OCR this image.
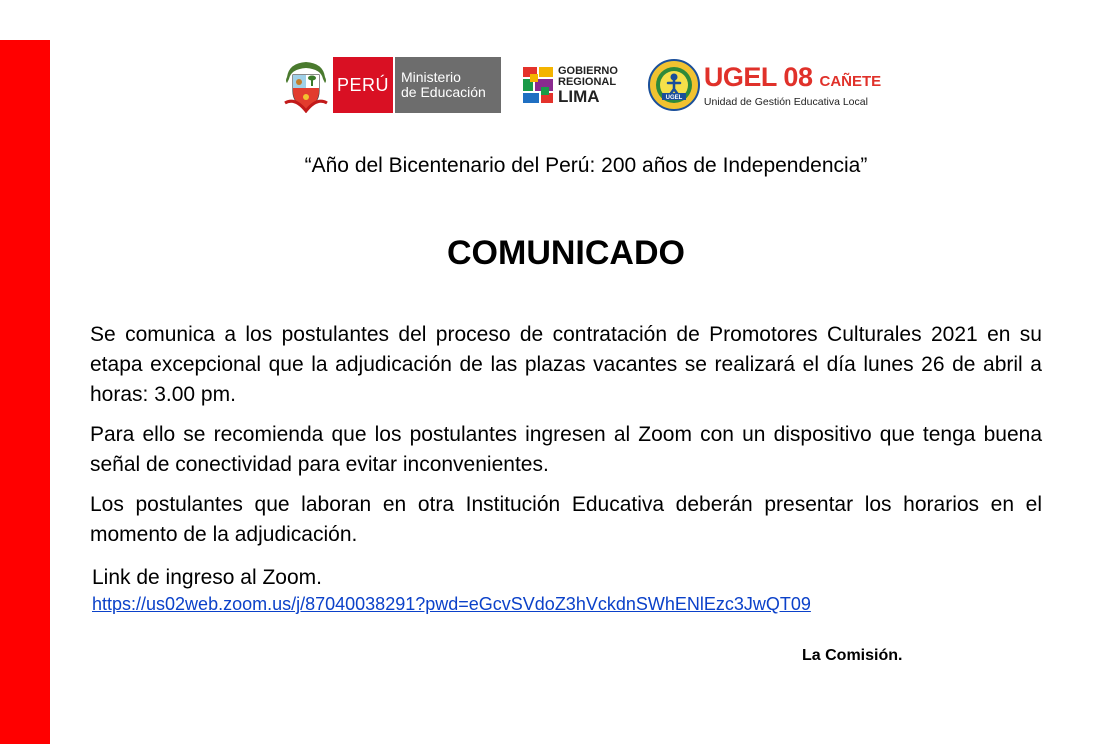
PERÚ Ministerio
de Educación
GOBIERNO
REGIONAL
LIMA	UGEL
UGEL 08 CAÑETE
Unidad de Gestión Educativa Local
“Año del Bicentenario del Perú: 200 años de Independencia”
COMUNICADO

Se comunica a los postulantes del proceso de contratación de Promotores Culturales 2021 en su etapa excepcional que la adjudicación de las plazas vacantes se realizará el día lunes 26 de abril a horas: 3.00 pm.

Para ello se recomienda que los postulantes ingresen al Zoom con un dispositivo que tenga buena señal de conectividad para evitar inconvenientes.

Los postulantes que laboran en otra Institución Educativa deberán presentar los horarios en el momento de la adjudicación.

Link de ingreso al Zoom.
https://us02web.zoom.us/j/87040038291?pwd=eGcvSVdoZ3hVckdnSWhENlEzc3JwQT09
La Comisión.
